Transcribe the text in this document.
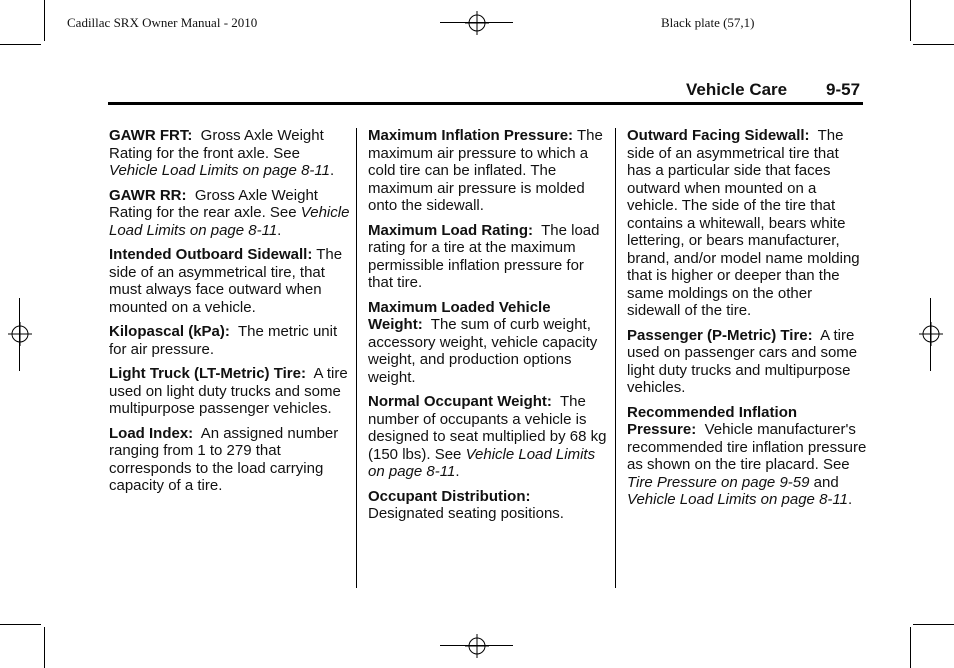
Cadillac SRX Owner Manual - 2010	Black plate (57,1)
Vehicle Care 9-57

GAWR FRT: Gross Axle Weight Rating for the front axle. See Vehicle Load Limits on page 8-11.

GAWR RR: Gross Axle Weight Rating for the rear axle. See Vehicle Load Limits on page 8-11.

Intended Outboard Sidewall: The side of an asymmetrical tire, that must always face outward when mounted on a vehicle.

Kilopascal (kPa): The metric unit for air pressure.

Light Truck (LT-Metric) Tire: A tire used on light duty trucks and some multipurpose passenger vehicles.

Load Index: An assigned number ranging from 1 to 279 that corresponds to the load carrying capacity of a tire.

Maximum Inflation Pressure: The maximum air pressure to which a cold tire can be inflated. The maximum air pressure is molded onto the sidewall.

Maximum Load Rating: The load rating for a tire at the maximum permissible inflation pressure for that tire.

Maximum Loaded Vehicle Weight: The sum of curb weight, accessory weight, vehicle capacity weight, and production options weight.

Normal Occupant Weight: The number of occupants a vehicle is designed to seat multiplied by 68 kg (150 lbs). See Vehicle Load Limits on page 8-11.

Occupant Distribution: Designated seating positions.

Outward Facing Sidewall: The side of an asymmetrical tire that has a particular side that faces outward when mounted on a vehicle. The side of the tire that contains a whitewall, bears white lettering, or bears manufacturer, brand, and/or model name molding that is higher or deeper than the same moldings on the other sidewall of the tire.

Passenger (P-Metric) Tire: A tire used on passenger cars and some light duty trucks and multipurpose vehicles.

Recommended Inflation Pressure: Vehicle manufacturer's recommended tire inflation pressure as shown on the tire placard. See Tire Pressure on page 9-59 and Vehicle Load Limits on page 8-11.
